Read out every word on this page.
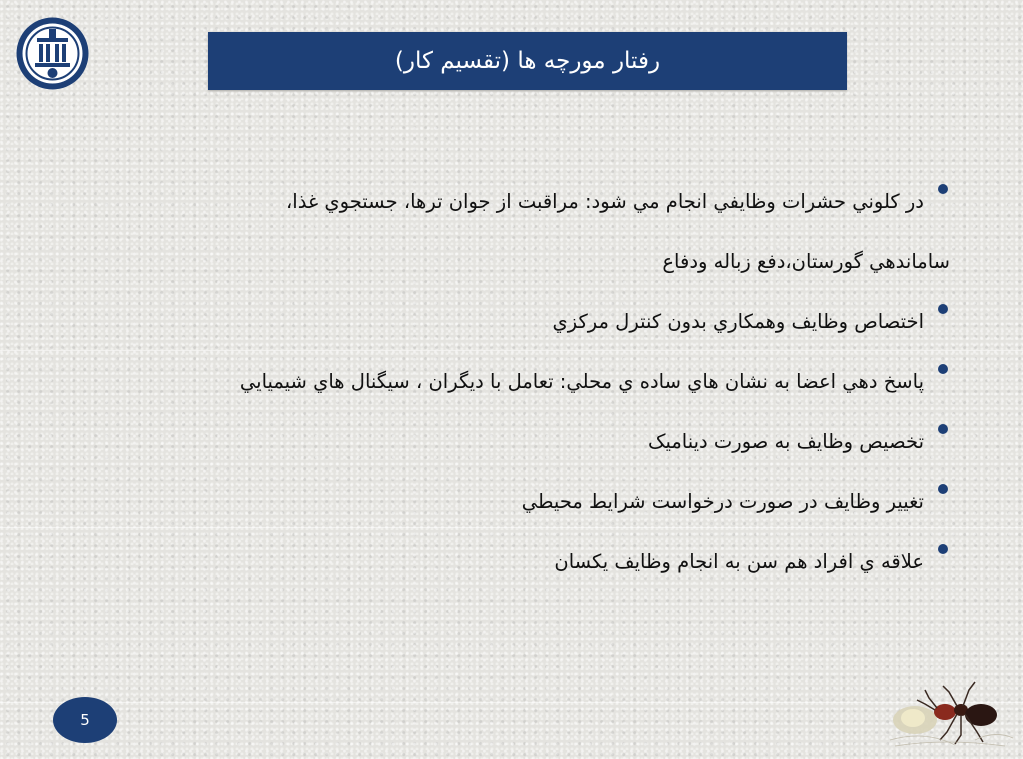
رفتار مورچه ها (تقسيم كار)
در كلوني حشرات وظايفي انجام مي شود: مراقبت از جوان ترها، جستجوي غذا،
ساماندهي گورستان،دفع زباله ودفاع
اختصاص وظايف وهمكاري بدون كنترل مركزي
پاسخ دهي اعضا به نشان هاي ساده ي محلي: تعامل با ديگران ، سيگنال هاي شيميايي
تخصيص وظايف به صورت ديناميک
تغيير وظايف در صورت درخواست شرايط محيطي
علاقه ي افراد هم سن به انجام وظايف يكسان
5
